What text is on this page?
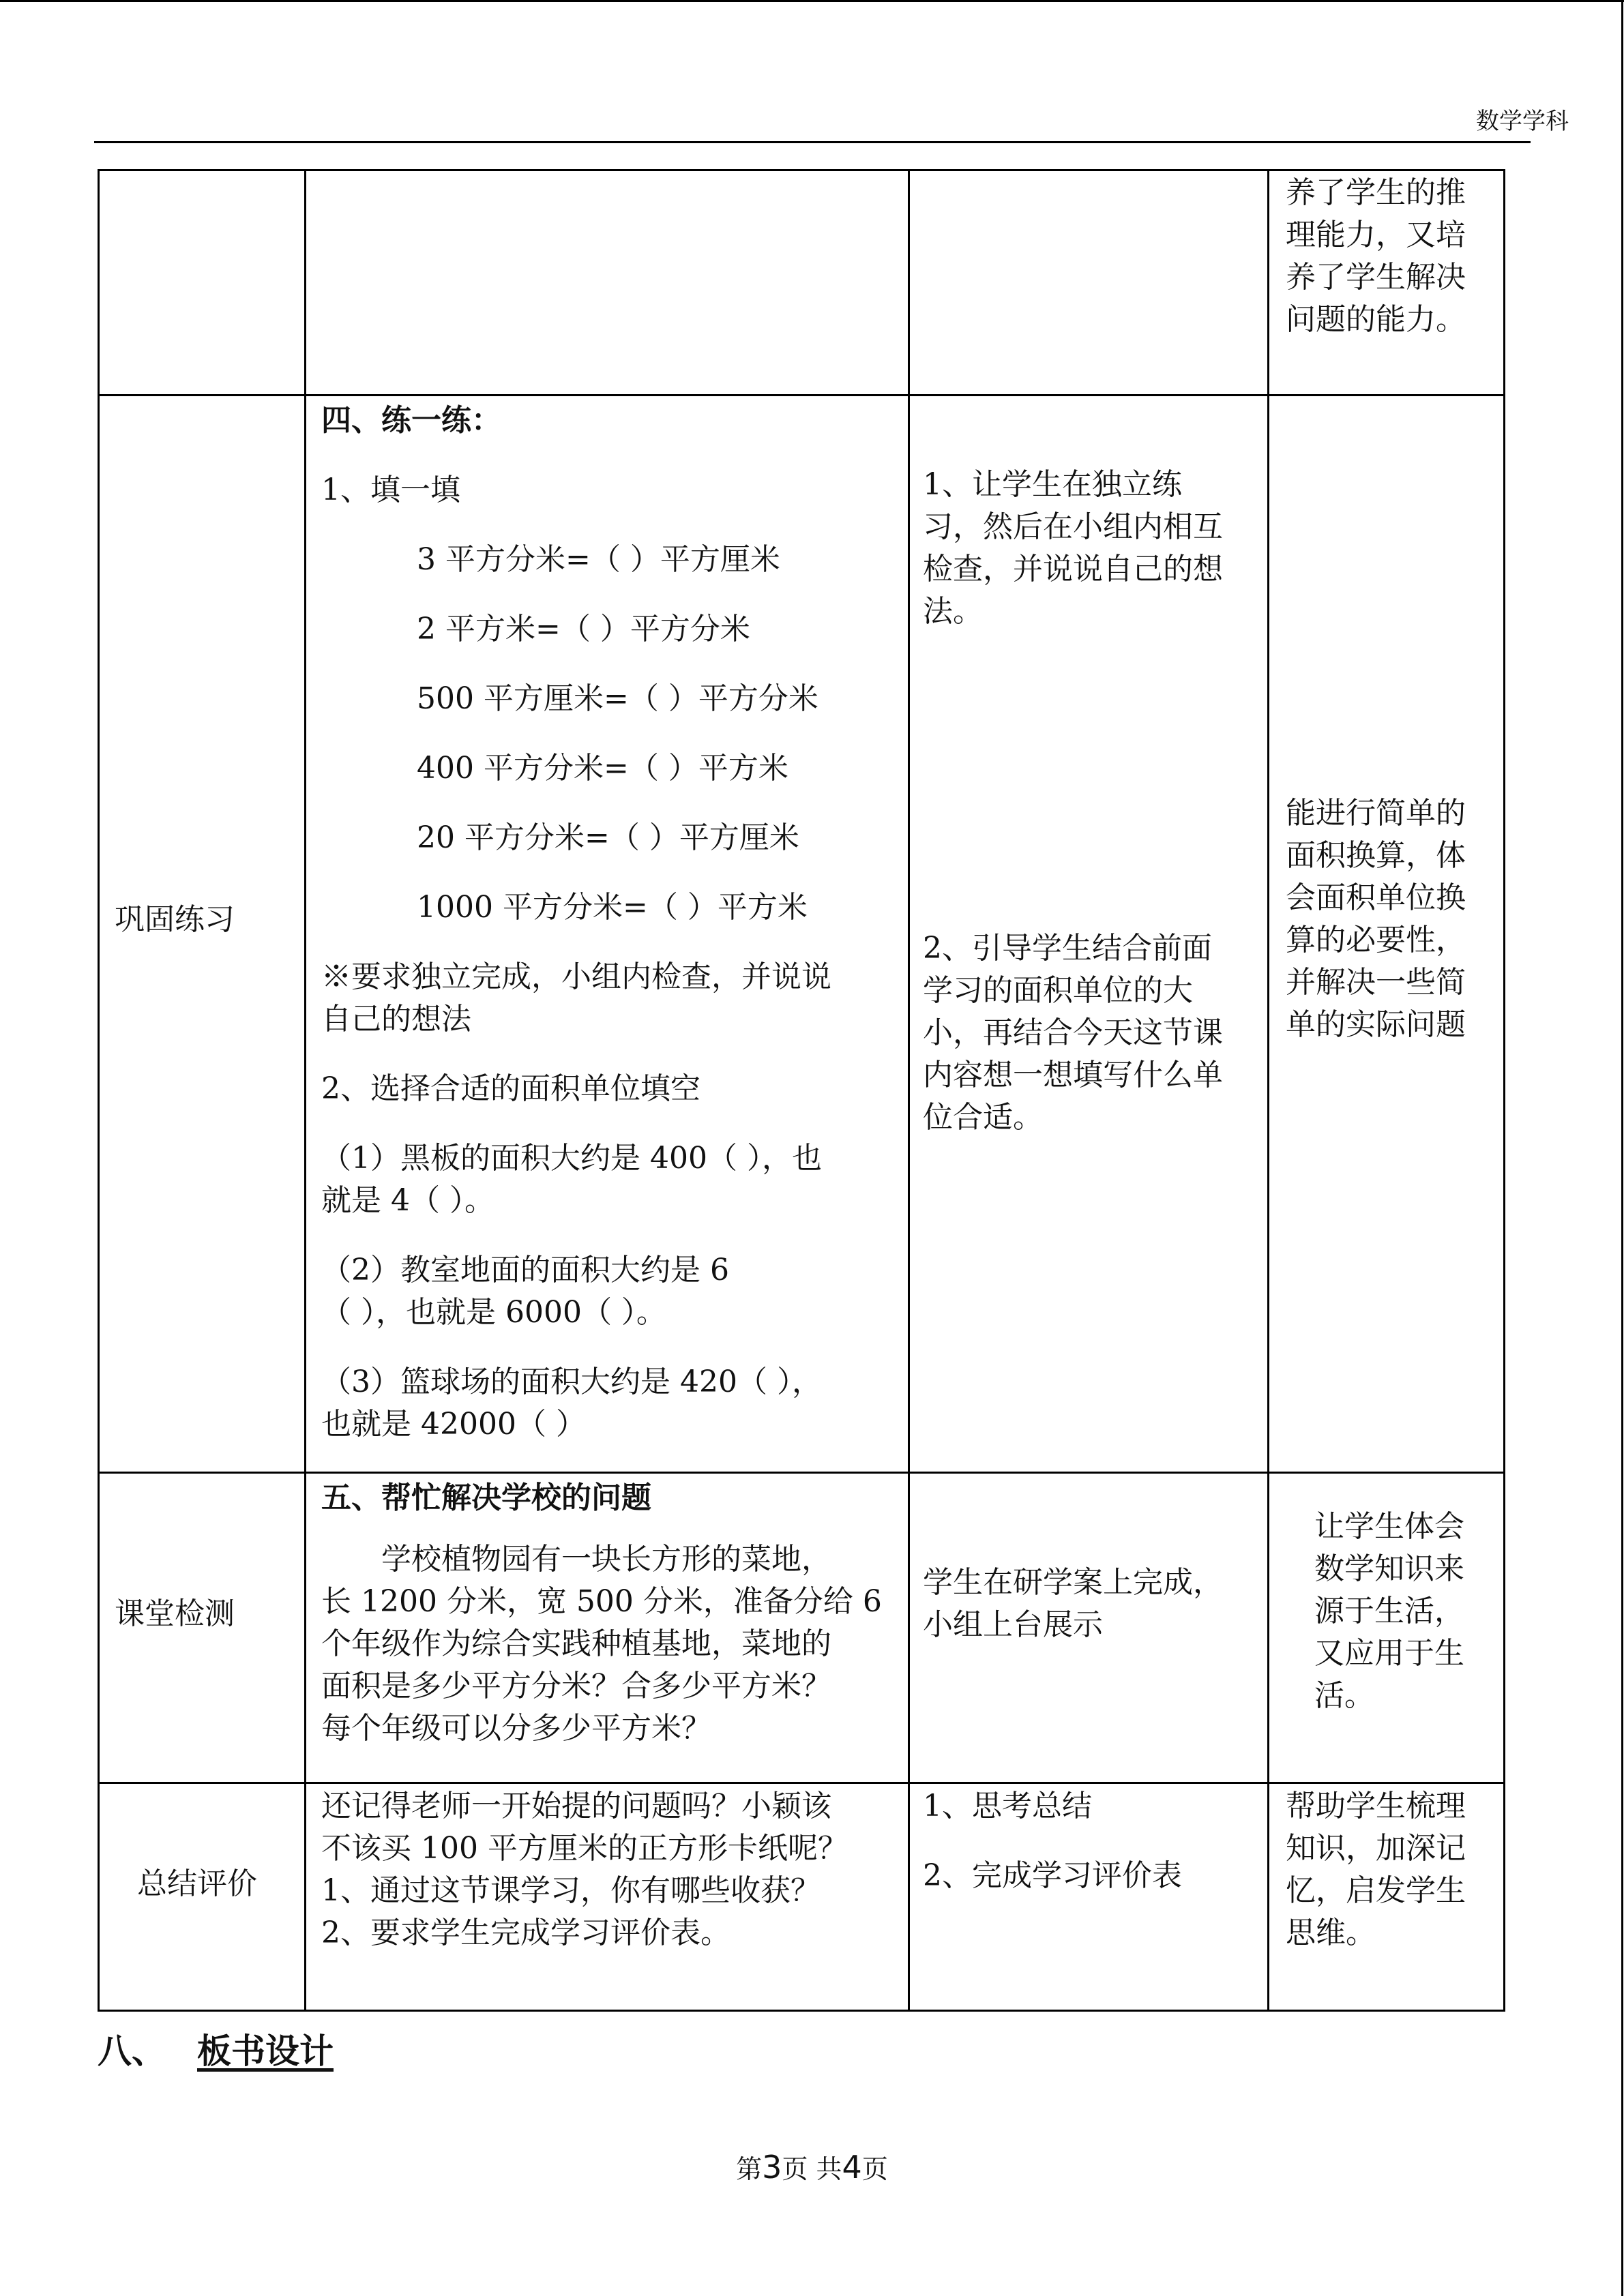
数学学科
养了学生的推
理能力，又培
养了学生解决
问题的能力。
巩固练习
四、练一练：
1、填一填
3 平方分米=（ ）平方厘米
2 平方米=（ ）平方分米
500 平方厘米=（ ）平方分米
400 平方分米=（ ）平方米
20 平方分米=（ ）平方厘米
1000 平方分米=（ ）平方米
※要求独立完成，小组内检查，并说说
自己的想法
2、选择合适的面积单位填空
（1）黑板的面积大约是 400（ ），也
就是 4（ ）。
（2）教室地面的面积大约是 6
（ ），也就是 6000（ ）。
（3）篮球场的面积大约是 420（ ），
也就是 42000（ ）
1、让学生在独立练
习，然后在小组内相互
检查，并说说自己的想
法。
2、引导学生结合前面
学习的面积单位的大
小，再结合今天这节课
内容想一想填写什么单
位合适。
能进行简单的
面积换算，体
会面积单位换
算的必要性，
并解决一些简
单的实际问题
课堂检测
五、帮忙解决学校的问题
学校植物园有一块长方形的菜地，
长 1200 分米，宽 500 分米，准备分给 6
个年级作为综合实践种植基地，菜地的
面积是多少平方分米？合多少平方米？
每个年级可以分多少平方米？
学生在研学案上完成，
小组上台展示
让学生体会
数学知识来
源于生活，
又应用于生
活。
总结评价
还记得老师一开始提的问题吗？小颖该
不该买 100 平方厘米的正方形卡纸呢？
1、通过这节课学习，你有哪些收获？
2、要求学生完成学习评价表。
1、思考总结
2、完成学习评价表
帮助学生梳理
知识，加深记
忆，启发学生
思维。
八、 板书设计
第3页 共4页
